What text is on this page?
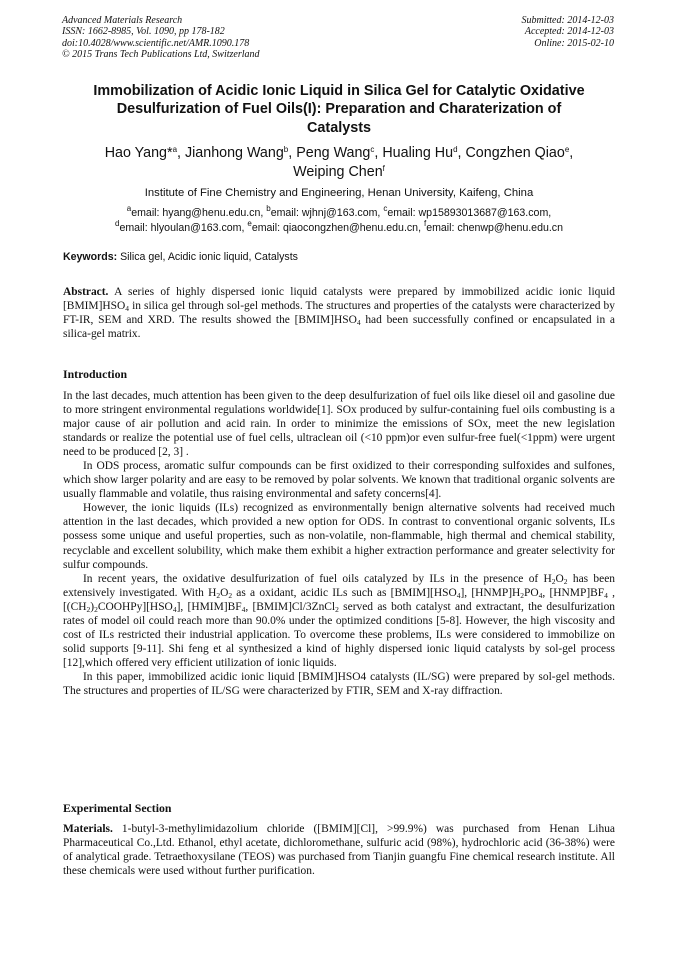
Advanced Materials Research
ISSN: 1662-8985, Vol. 1090, pp 178-182
doi:10.4028/www.scientific.net/AMR.1090.178
© 2015 Trans Tech Publications Ltd, Switzerland
Submitted: 2014-12-03
Accepted: 2014-12-03
Online: 2015-02-10
Immobilization of Acidic Ionic Liquid in Silica Gel for Catalytic Oxidative
Desulfurization of Fuel Oils(I): Preparation and Charaterization of
Catalysts
Hao Yang*$^a$, Jianhong Wang$^b$, Peng Wang$^c$, Hualing Hu$^d$, Congzhen Qiao$^e$,
Weiping Chen$^f$
Institute of Fine Chemistry and Engineering, Henan University, Kaifeng, China
$^a$email: hyang@henu.edu.cn, $^b$email: wjhnj@163.com, $^c$email: wp15893013687@163.com,
$^d$email: hlyoulan@163.com, $^e$email: qiaocongzhen@henu.edu.cn, $^f$email: chenwp@henu.edu.cn
Keywords: Silica gel, Acidic ionic liquid, Catalysts

Abstract. A series of highly dispersed ionic liquid catalysts were prepared by immobilized acidic ionic liquid $[BMIM]HSO_4$ in silica gel through sol-gel methods. The structures and properties of the catalysts were characterized by FT-IR, SEM and XRD. The results showed the $[BMIM]HSO_4$ had been successfully confined or encapsulated in a silica-gel matrix.

Introduction

In the last decades, much attention has been given to the deep desulfurization of fuel oils like diesel oil and gasoline due to more stringent environmental regulations worldwide[1]. SOx produced by sulfur-containing fuel oils combusting is a major cause of air pollution and acid rain. In order to minimize the emissions of SOx, meet the new legislation standards or realize the potential use of fuel cells, ultraclean oil (<10 ppm)or even sulfur-free fuel(<1ppm) were urgent need to be produced [2, 3] .

In ODS process, aromatic sulfur compounds can be first oxidized to their corresponding sulfoxides and sulfones, which show larger polarity and are easy to be removed by polar solvents. We known that traditional organic solvents are usually flammable and volatile, thus raising environmental and safety concerns[4].

However, the ionic liquids (ILs) recognized as environmentally benign alternative solvents had received much attention in the last decades, which provided a new option for ODS. In contrast to conventional organic solvents, ILs possess some unique and useful properties, such as non-volatile, non-flammable, high thermal and chemical stability, recyclable and excellent solubility, which make them exhibit a higher extraction performance and greater selectivity for sulfur compounds.

In recent years, the oxidative desulfurization of fuel oils catalyzed by ILs in the presence of $H_2O_2$ has been extensively investigated. With $H_2O_2$ as a oxidant, acidic ILs such as $[BMIM][HSO_4]$, $[HNMP]H_2PO_4$, $[HNMP]BF_4$ $,[(CH_2)_2COOHPy][HSO_4]$, $[HMIM]BF_4$, [BMIM]Cl/3ZnCl$_2$ served as both catalyst and extractant, the desulfurization rates of model oil could reach more than 90.0% under the optimized conditions [5-8]. However, the high viscosity and cost of ILs restricted their industrial application. To overcome these problems, ILs were considered to immobilize on solid supports [9-11]. Shi feng et al synthesized a kind of highly dispersed ionic liquid catalysts by sol-gel process [12],which offered very efficient utilization of ionic liquids.

In this paper, immobilized acidic ionic liquid [BMIM]HSO4 catalysts (IL/SG) were prepared by sol-gel methods. The structures and properties of IL/SG were characterized by FTIR, SEM and X-ray diffraction.

Experimental Section

Materials. 1-butyl-3-methylimidazolium chloride ([BMIM][Cl], >99.9%) was purchased from Henan Lihua Pharmaceutical Co.,Ltd. Ethanol, ethyl acetate, dichloromethane, sulfuric acid (98%), hydrochloric acid (36-38%) were of analytical grade. Tetraethoxysilane (TEOS) was purchased from Tianjin guangfu Fine chemical research institute. All these chemicals were used without further purification.
